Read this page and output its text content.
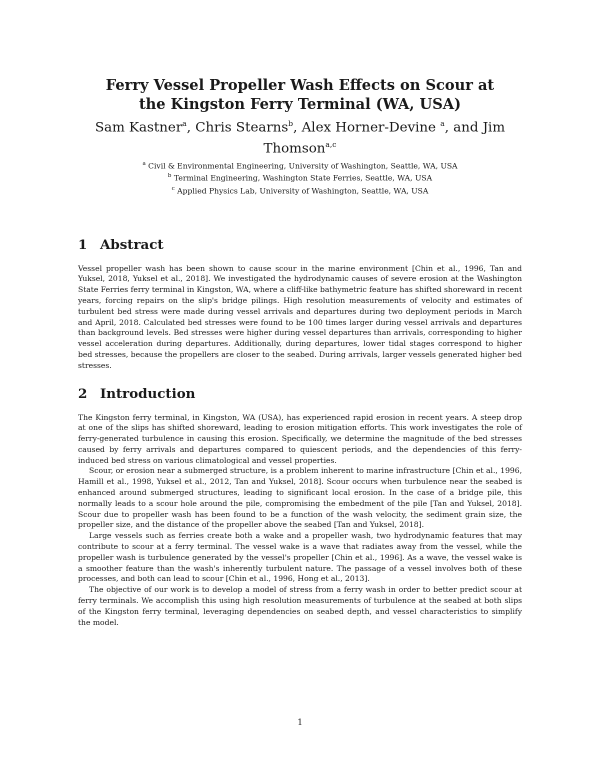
Ferry Vessel Propeller Wash Effects on Scour at the Kingston Ferry Terminal (WA, USA)
Sam Kastner$^a$, Chris Stearns$^b$, Alex Horner-Devine $^a$, and Jim Thomson$^{a,c}$
$^a$ Civil & Environmental Engineering, University of Washington, Seattle, WA, USA
$^b$ Terminal Engineering, Washington State Ferries, Seattle, WA, USA
$^c$ Applied Physics Lab, University of Washington, Seattle, WA, USA
1 Abstract

Vessel propeller wash has been shown to cause scour in the marine environment [Chin et al., 1996, Tan and Yuksel, 2018, Yuksel et al., 2018]. We investigated the hydrodynamic causes of severe erosion at the Washington State Ferries ferry terminal in Kingston, WA, where a cliff-like bathymetric feature has shifted shoreward in recent years, forcing repairs on the slip's bridge pilings. High resolution measurements of velocity and estimates of turbulent bed stress were made during vessel arrivals and departures during two deployment periods in March and April, 2018. Calculated bed stresses were found to be 100 times larger during vessel arrivals and departures than background levels. Bed stresses were higher during vessel departures than arrivals, corresponding to higher vessel acceleration during departures. Additionally, during departures, lower tidal stages correspond to higher bed stresses, because the propellers are closer to the seabed. During arrivals, larger vessels generated higher bed stresses.

2 Introduction

The Kingston ferry terminal, in Kingston, WA (USA), has experienced rapid erosion in recent years. A steep drop at one of the slips has shifted shoreward, leading to erosion mitigation efforts. This work investigates the role of ferry-generated turbulence in causing this erosion. Specifically, we determine the magnitude of the bed stresses caused by ferry arrivals and departures compared to quiescent periods, and the dependencies of this ferry-induced bed stress on various climatological and vessel properties.

Scour, or erosion near a submerged structure, is a problem inherent to marine infrastructure [Chin et al., 1996, Hamill et al., 1998, Yuksel et al., 2012, Tan and Yuksel, 2018]. Scour occurs when turbulence near the seabed is enhanced around submerged structures, leading to significant local erosion. In the case of a bridge pile, this normally leads to a scour hole around the pile, compromising the embedment of the pile [Tan and Yuksel, 2018]. Scour due to propeller wash has been found to be a function of the wash velocity, the sediment grain size, the propeller size, and the distance of the propeller above the seabed [Tan and Yuksel, 2018].

Large vessels such as ferries create both a wake and a propeller wash, two hydrodynamic features that may contribute to scour at a ferry terminal. The vessel wake is a wave that radiates away from the vessel, while the propeller wash is turbulence generated by the vessel's propeller [Chin et al., 1996]. As a wave, the vessel wake is a smoother feature than the wash's inherently turbulent nature. The passage of a vessel involves both of these processes, and both can lead to scour [Chin et al., 1996, Hong et al., 2013].

The objective of our work is to develop a model of stress from a ferry wash in order to better predict scour at ferry terminals. We accomplish this using high resolution measurements of turbulence at the seabed at both slips of the Kingston ferry terminal, leveraging dependencies on seabed depth, and vessel characteristics to simplify the model.

1
